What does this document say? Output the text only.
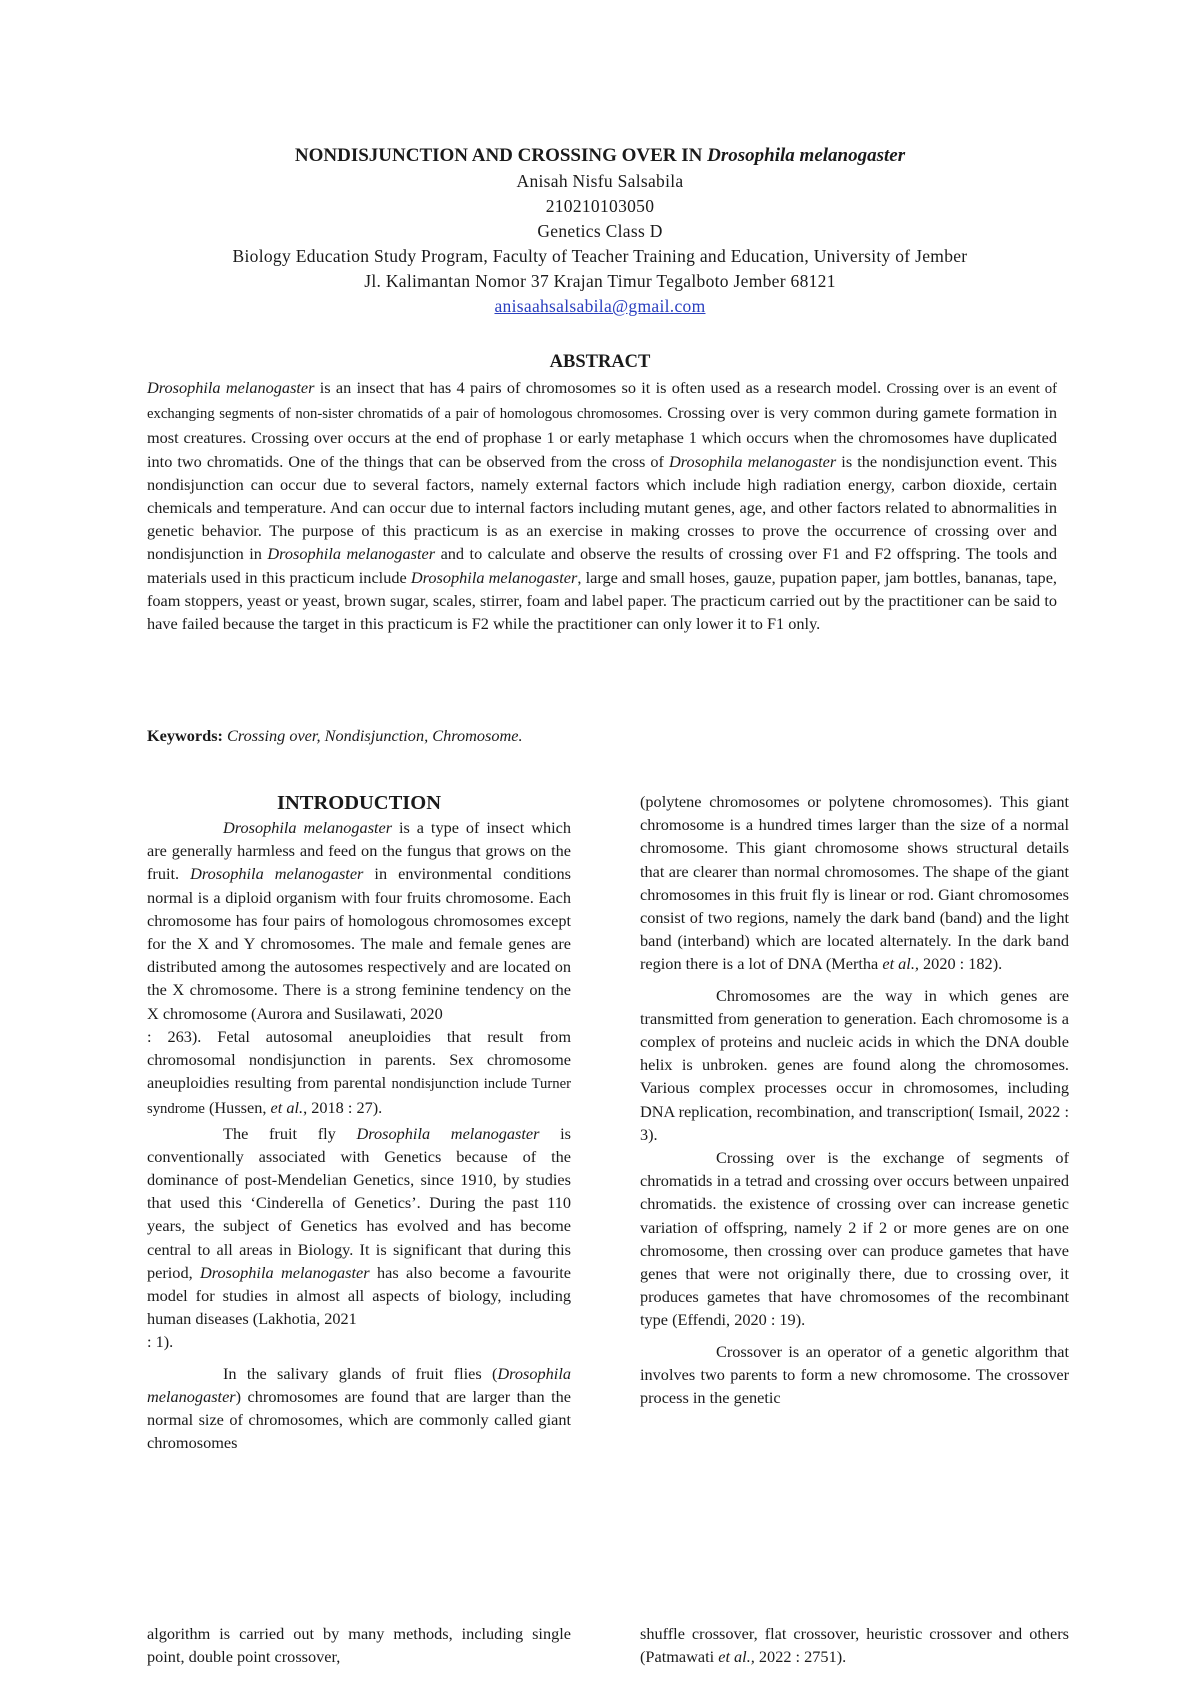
NONDISJUNCTION AND CROSSING OVER IN Drosophila melanogaster

Anisah Nisfu Salsabila
210210103050
Genetics Class D
Biology Education Study Program, Faculty of Teacher Training and Education, University of Jember
Jl. Kalimantan Nomor 37 Krajan Timur Tegalboto Jember 68121
anisaahsalsabila@gmail.com
ABSTRACT

Drosophila melanogaster is an insect that has 4 pairs of chromosomes so it is often used as a research model. Crossing over is an event of exchanging segments of non-sister chromatids of a pair of homologous chromosomes. Crossing over is very common during gamete formation in most creatures. Crossing over occurs at the end of prophase 1 or early metaphase 1 which occurs when the chromosomes have duplicated into two chromatids. One of the things that can be observed from the cross of Drosophila melanogaster is the nondisjunction event. This nondisjunction can occur due to several factors, namely external factors which include high radiation energy, carbon dioxide, certain chemicals and temperature. And can occur due to internal factors including mutant genes, age, and other factors related to abnormalities in genetic behavior. The purpose of this practicum is as an exercise in making crosses to prove the occurrence of crossing over and nondisjunction in Drosophila melanogaster and to calculate and observe the results of crossing over F1 and F2 offspring. The tools and materials used in this practicum include Drosophila melanogaster, large and small hoses, gauze, pupation paper, jam bottles, bananas, tape, foam stoppers, yeast or yeast, brown sugar, scales, stirrer, foam and label paper. The practicum carried out by the practitioner can be said to have failed because the target in this practicum is F2 while the practitioner can only lower it to F1 only.

Keywords: Crossing over, Nondisjunction, Chromosome.

INTRODUCTION

Drosophila melanogaster is a type of insect which are generally harmless and feed on the fungus that grows on the fruit. Drosophila melanogaster in environmental conditions normal is a diploid organism with four fruits chromosome. Each chromosome has four pairs of homologous chromosomes except for the X and Y chromosomes. The male and female genes are distributed among the autosomes respectively and are located on the X chromosome. There is a strong feminine tendency on the X chromosome (Aurora and Susilawati, 2020
: 263). Fetal autosomal aneuploidies that result from chromosomal nondisjunction in parents. Sex chromosome aneuploidies resulting from parental nondisjunction include Turner syndrome (Hussen, et al., 2018 : 27).

The fruit fly Drosophila melanogaster is conventionally associated with Genetics because of the dominance of post-Mendelian Genetics, since 1910, by studies that used this ‘Cinderella of Genetics’. During the past 110 years, the subject of Genetics has evolved and has become central to all areas in Biology. It is significant that during this period, Drosophila melanogaster has also become a favourite model for studies in almost all aspects of biology, including human diseases (Lakhotia, 2021
: 1).

In the salivary glands of fruit flies (Drosophila melanogaster) chromosomes are found that are larger than the normal size of chromosomes, which are commonly called giant chromosomes

(polytene chromosomes or polytene chromosomes). This giant chromosome is a hundred times larger than the size of a normal chromosome. This giant chromosome shows structural details that are clearer than normal chromosomes. The shape of the giant chromosomes in this fruit fly is linear or rod. Giant chromosomes consist of two regions, namely the dark band (band) and the light band (interband) which are located alternately. In the dark band region there is a lot of DNA (Mertha et al., 2020 : 182).

Chromosomes are the way in which genes are transmitted from generation to generation. Each chromosome is a complex of proteins and nucleic acids in which the DNA double helix is unbroken. genes are found along the chromosomes. Various complex processes occur in chromosomes, including DNA replication, recombination, and transcription( Ismail, 2022 : 3).

Crossing over is the exchange of segments of chromatids in a tetrad and crossing over occurs between unpaired chromatids. the existence of crossing over can increase genetic variation of offspring, namely 2 if 2 or more genes are on one chromosome, then crossing over can produce gametes that have genes that were not originally there, due to crossing over, it produces gametes that have chromosomes of the recombinant type (Effendi, 2020 : 19).

Crossover is an operator of a genetic algorithm that involves two parents to form a new chromosome. The crossover process in the genetic

algorithm is carried out by many methods, including single point, double point crossover,

shuffle crossover, flat crossover, heuristic crossover and others (Patmawati et al., 2022 : 2751).
